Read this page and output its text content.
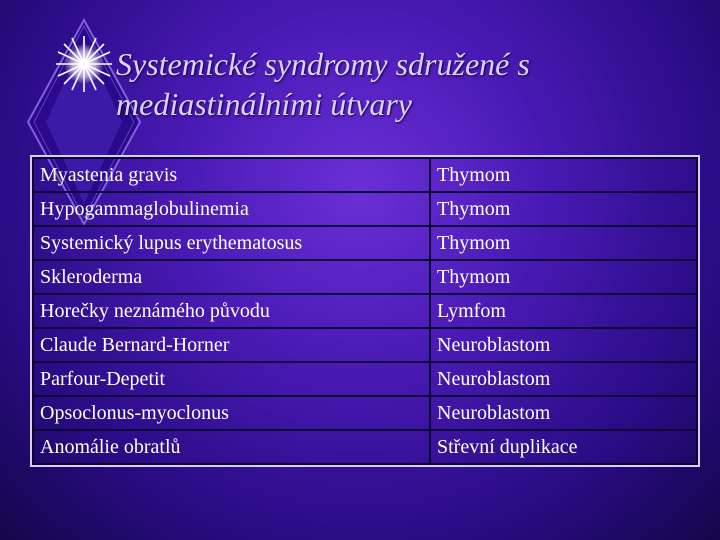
Systemické syndromy sdružené s mediastinálními útvary
Myastenia gravis	Thymom
Hypogammaglobulinemia	Thymom
Systemický lupus erythematosus	Thymom
Skleroderma	Thymom
Horečky neznámého původu	Lymfom
Claude Bernard-Horner	Neuroblastom
Parfour-Depetit	Neuroblastom
Opsoclonus-myoclonus	Neuroblastom
Anomálie obratlů	Střevní duplikace
